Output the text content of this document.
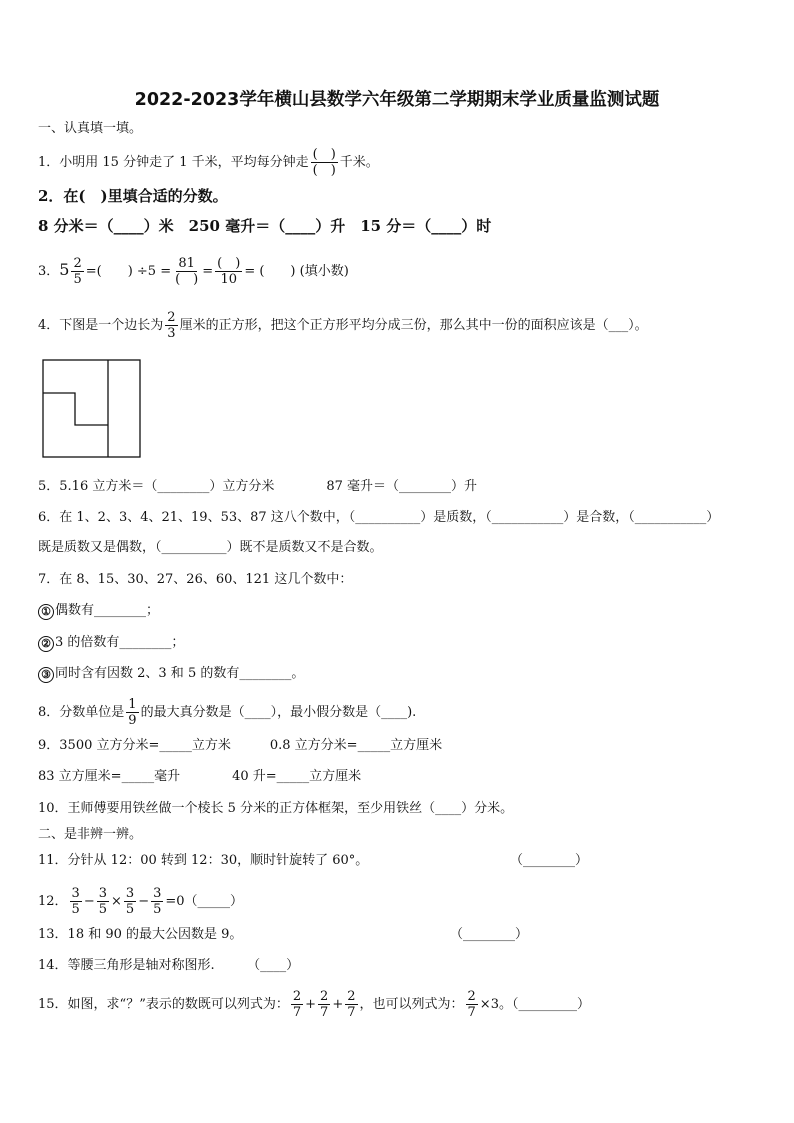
2022-2023学年横山县数学六年级第二学期期末学业质量监测试题
一、认真填一填。
1．小明用 15 分钟走了 1 千米，平均每分钟走 $\frac{( )}{( )}$ 千米。
2．在(　)里填合适的分数。
8 分米＝（____）米　250 毫升＝（____）升　15 分＝（____）时
3．$5 \frac{2}{5}$ =(　　) $\div 5 = \frac{81}{( )} = \frac{( )}{10}$ = (　　) (填小数)
4．下图是一个边长为 $\frac{2}{3}$ 厘米的正方形，把这个正方形平均分成三份，那么其中一份的面积应该是（___）。
5．5.16 立方米＝（________）立方分米　　　　87 毫升＝（________）升
6．在 1、2、3、4、21、19、53、87 这八个数中，（__________）是质数，（___________）是合数，（___________）
既是质数又是偶数，（__________）既不是质数又不是合数。
7．在 8、15、30、27、26、60、121 这几个数中：
① 偶数有________；
② 3 的倍数有________；
③ 同时含有因数 2、3 和 5 的数有________。
8．分数单位是 $\frac{1}{9}$ 的最大真分数是（____），最小假分数是（____).
9．3500 立方分米=_____立方米　　　0.8 立方分米=_____立方厘米
83 立方厘米=_____毫升　　　　40 升=_____立方厘米
10．王师傅要用铁丝做一个棱长 5 分米的正方体框架，至少用铁丝（____）分米。
二、是非辨一辨。
11．分针从 12：00 转到 12：30，顺时针旋转了 60°。	（________）
12． $\frac{3}{5} - \frac{3}{5} \times \frac{3}{5} - \frac{3}{5}$ =0（_____）
13．18 和 90 的最大公因数是 9。	（________）
14．等腰三角形是轴对称图形.　　　（____）
15．如图，求“？”表示的数既可以列式为： $\frac{2}{7} + \frac{2}{7} + \frac{2}{7}$ ，也可以列式为： $\frac{2}{7} \times 3$。（_________）
